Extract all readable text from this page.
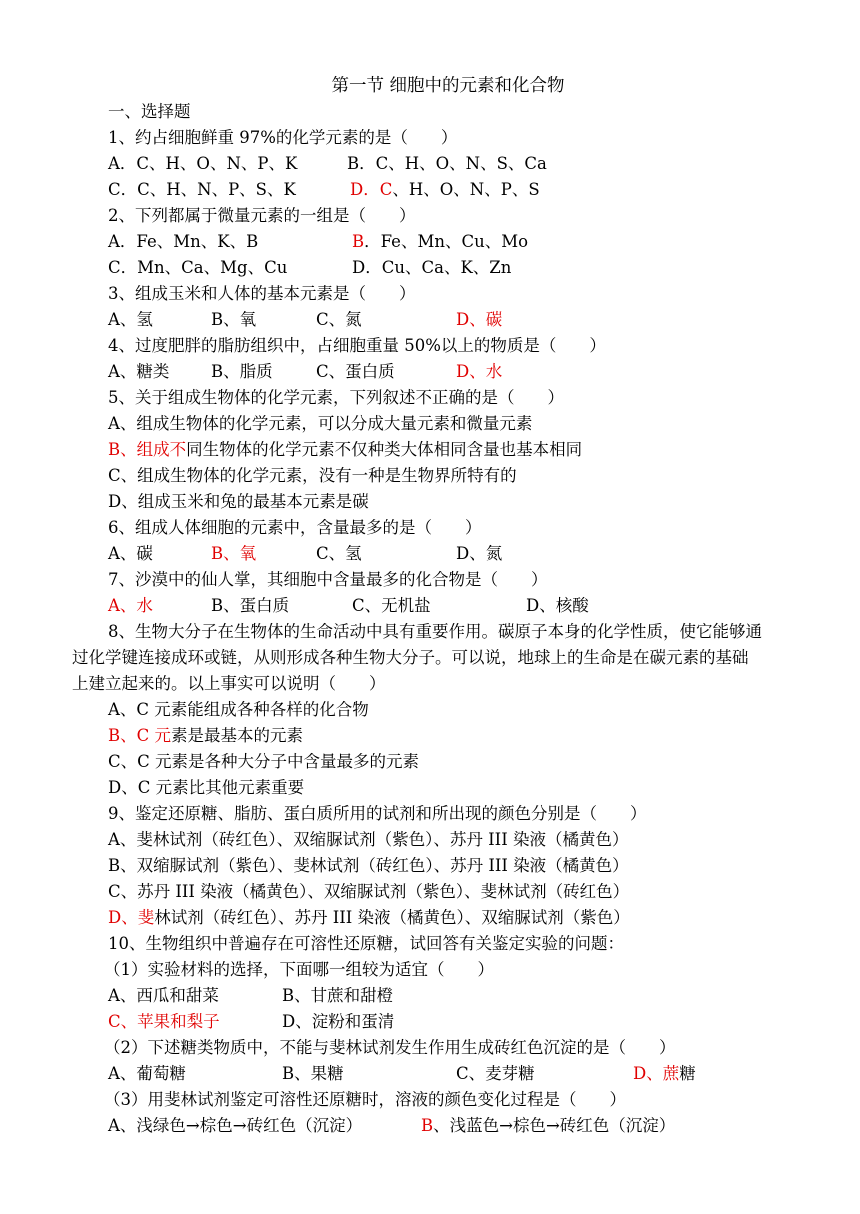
第一节 细胞中的元素和化合物
一、选择题
1、约占细胞鲜重 97%的化学元素的是（　　）
A．C、H、O、N、P、K	B．C、H、O、N、S、Ca
C．C、H、N、P、S、K	D．C、H、O、N、P、S
2、下列都属于微量元素的一组是（　　）
A．Fe、Mn、K、B	B．Fe、Mn、Cu、Mo
C．Mn、Ca、Mg、Cu	D．Cu、Ca、K、Zn
3、组成玉米和人体的基本元素是（　　）
A、氢	B、氧	C、氮	D、碳
4、过度肥胖的脂肪组织中，占细胞重量 50%以上的物质是（　　）
A、糖类	B、脂质	C、蛋白质	D、水
5、关于组成生物体的化学元素，下列叙述不正确的是（　　）
A、组成生物体的化学元素，可以分成大量元素和微量元素
B、组成不同生物体的化学元素不仅种类大体相同含量也基本相同
C、组成生物体的化学元素，没有一种是生物界所特有的
D、组成玉米和兔的最基本元素是碳
6、组成人体细胞的元素中，含量最多的是（　　）
A、碳	B、氧	C、氢	D、氮
7、沙漠中的仙人掌，其细胞中含量最多的化合物是（　　）
A、水	B、蛋白质	C、无机盐	D、核酸
8、生物大分子在生物体的生命活动中具有重要作用。碳原子本身的化学性质，使它能够通
过化学键连接成环或链，从则形成各种生物大分子。可以说，地球上的生命是在碳元素的基础
上建立起来的。以上事实可以说明（　　）
A、C 元素能组成各种各样的化合物
B、C 元素是最基本的元素
C、C 元素是各种大分子中含量最多的元素
D、C 元素比其他元素重要
9、鉴定还原糖、脂肪、蛋白质所用的试剂和所出现的颜色分别是（　　）
A、斐林试剂（砖红色）、双缩脲试剂（紫色）、苏丹 III 染液（橘黄色）
B、双缩脲试剂（紫色）、斐林试剂（砖红色）、苏丹 III 染液（橘黄色）
C、苏丹 III 染液（橘黄色）、双缩脲试剂（紫色）、斐林试剂（砖红色）
D、斐林试剂（砖红色）、苏丹 III 染液（橘黄色）、双缩脲试剂（紫色）
10、生物组织中普遍存在可溶性还原糖，试回答有关鉴定实验的问题：
（1）实验材料的选择，下面哪一组较为适宜（　　）
A、西瓜和甜菜	B、甘蔗和甜橙
C、苹果和梨子	D、淀粉和蛋清
（2）下述糖类物质中，不能与斐林试剂发生作用生成砖红色沉淀的是（　　）
A、葡萄糖	B、果糖	C、麦芽糖	D、蔗糖
（3）用斐林试剂鉴定可溶性还原糖时，溶液的颜色变化过程是（　　）
A、浅绿色→棕色→砖红色（沉淀）	B、浅蓝色→棕色→砖红色（沉淀）
